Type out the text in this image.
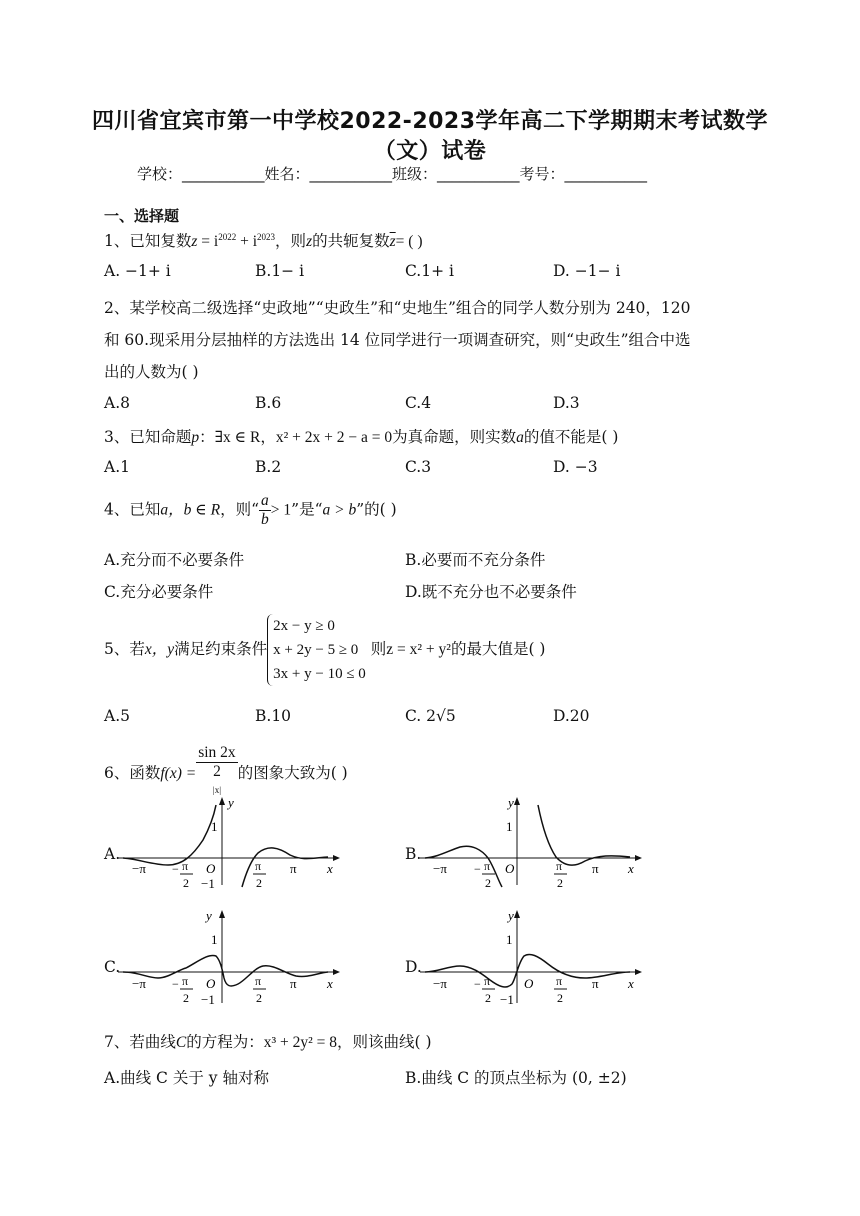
四川省宜宾市第一中学校2022-2023学年高二下学期期末考试数学
（文）试卷
学校：___________姓名：___________班级：___________考号：___________
一、选择题
1、已知复数$z = i^{2022} + i^{2023}$，则z的共轭复数$\overline{z}=$ ( )
A. −1+ i	B.1− i	C.1+ i	D. −1− i
2、某学校高二级选择“史政地”“史政生”和“史地生”组合的同学人数分别为 240，120
和 60.现采用分层抽样的方法选出 14 位同学进行一项调查研究，则“史政生”组合中选
出的人数为( )
A.8	B.6	C.4	D.3
3、已知命题p：∃x ∈ R，x² + 2x + 2 − a = 0为真命题，则实数a的值不能是( )
A.1	B.2	C.3	D. −3
4、已知a，b ∈ R，则“ $\frac{a}{b} > 1$”是“a > b”的( )
A.充分而不必要条件	B.必要而不充分条件
C.充分必要条件	D.既不充分也不必要条件
5、若x，y满足约束条件
2x − y ≥ 0
x + 2y − 5 ≥ 0
3x + y − 10 ≤ 0
则z = x² + y²的最大值是( )
A.5	B.10	C. 2√5	D.20
6、函数f(x) = sin 2x
2
$^{|x|}$ 的图象大致为( )
A.	B.
C.	D.
y
x
O
1
−1
−π	π
− π
2
π
2
y
x
O
1
−π	π
− π
2
π
2
y
x
O
1
−1
−π	π
− π
2
π
2
y
x
O
1
−1
−π	π
− π
2
π
2
7、若曲线C的方程为：x³ + 2y² = 8，则该曲线( )
A.曲线 C 关于 y 轴对称	B.曲线 C 的顶点坐标为 (0, ±2)
